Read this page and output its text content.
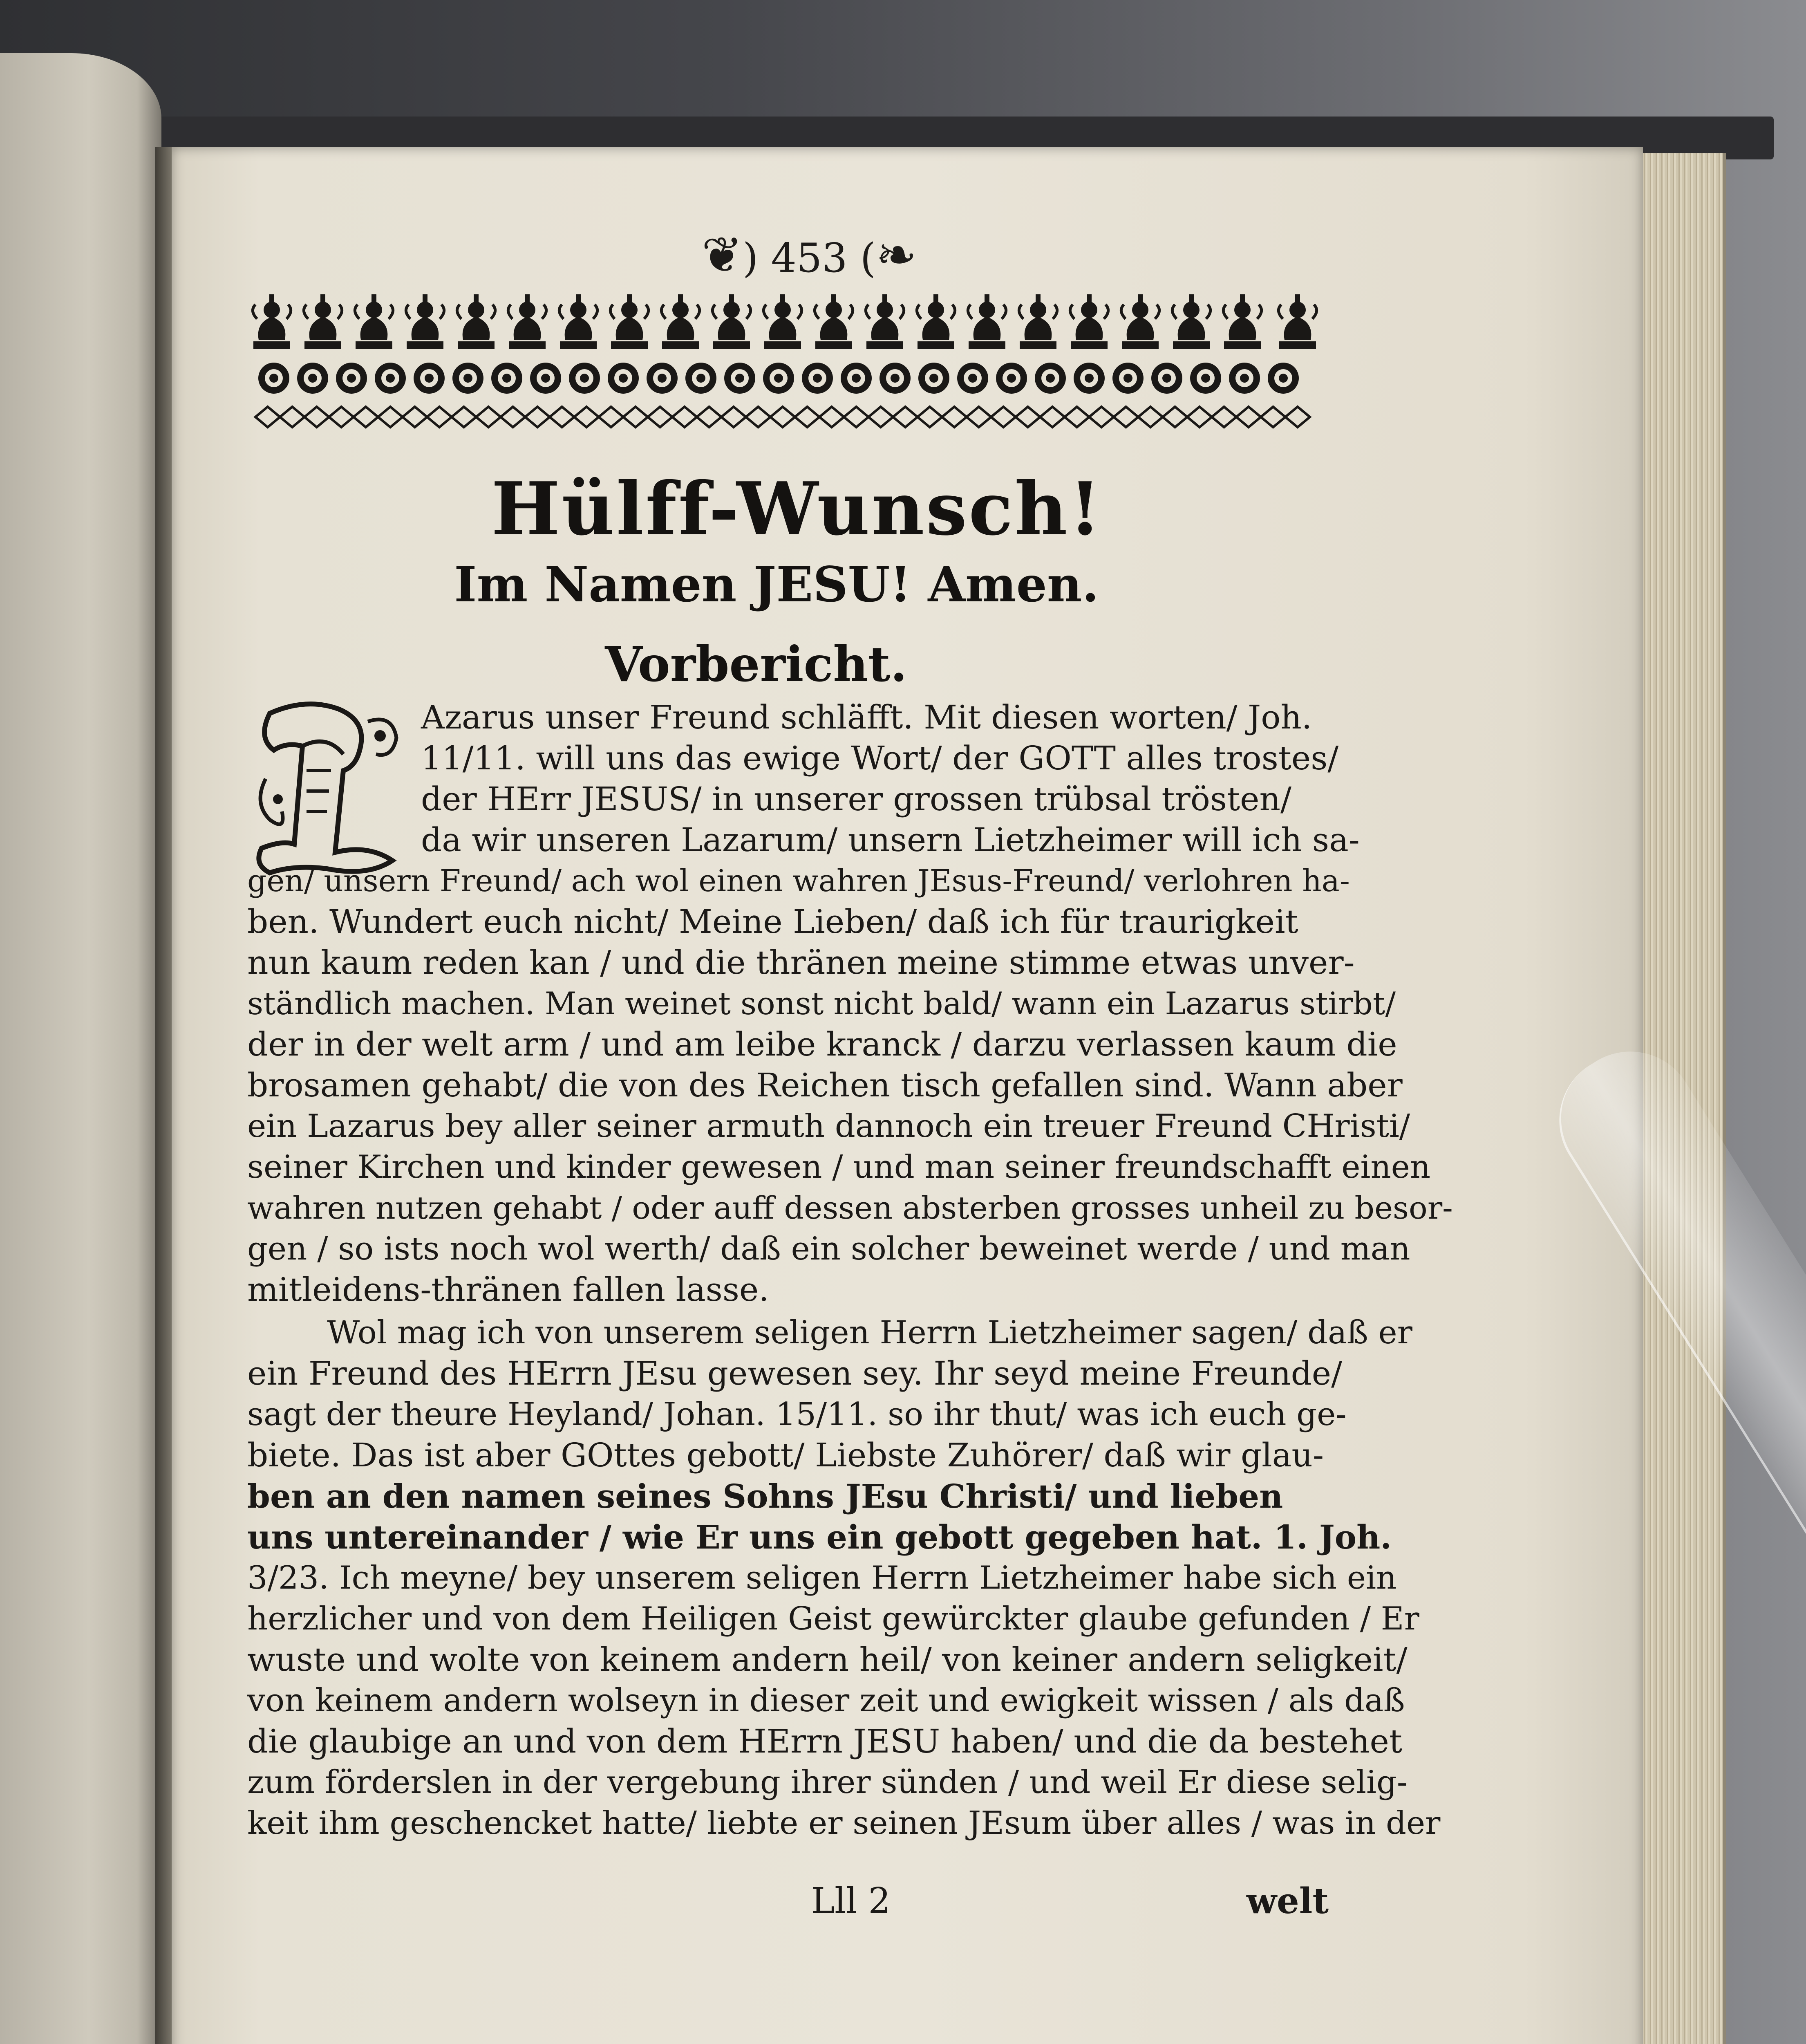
❦) 453 (❧
Hülff-Wunsch!
Im Namen JESU! Amen.
Vorbericht.
Azarus unser Freund schläfft. Mit diesen worten/ Joh.
11/11. will uns das ewige Wort/ der GOTT alles trostes/
der HErr JESUS/ in unserer grossen trübsal trösten/
da wir unseren Lazarum/ unsern Lietzheimer will ich sa-
gen/ unsern Freund/ ach wol einen wahren JEsus-Freund/ verlohren ha-
ben. Wundert euch nicht/ Meine Lieben/ daß ich für traurigkeit
nun kaum reden kan / und die thränen meine stimme etwas unver-
ständlich machen. Man weinet sonst nicht bald/ wann ein Lazarus stirbt/
der in der welt arm / und am leibe kranck / darzu verlassen kaum die
brosamen gehabt/ die von des Reichen tisch gefallen sind. Wann aber
ein Lazarus bey aller seiner armuth dannoch ein treuer Freund CHristi/
seiner Kirchen und kinder gewesen / und man seiner freundschafft einen
wahren nutzen gehabt / oder auff dessen absterben grosses unheil zu besor-
gen / so ists noch wol werth/ daß ein solcher beweinet werde / und man
mitleidens-thränen fallen lasse.
Wol mag ich von unserem seligen Herrn Lietzheimer sagen/ daß er
ein Freund des HErrn JEsu gewesen sey. Ihr seyd meine Freunde/
sagt der theure Heyland/ Johan. 15/11. so ihr thut/ was ich euch ge-
biete. Das ist aber GOttes gebott/ Liebste Zuhörer/ daß wir glau-
ben an den namen seines Sohns JEsu Christi/ und lieben
uns untereinander / wie Er uns ein gebott gegeben hat. 1. Joh.
3/23. Ich meyne/ bey unserem seligen Herrn Lietzheimer habe sich ein
herzlicher und von dem Heiligen Geist gewürckter glaube gefunden / Er
wuste und wolte von keinem andern heil/ von keiner andern seligkeit/
von keinem andern wolseyn in dieser zeit und ewigkeit wissen / als daß
die glaubige an und von dem HErrn JESU haben/ und die da bestehet
zum förderslen in der vergebung ihrer sünden / und weil Er diese selig-
keit ihm geschencket hatte/ liebte er seinen JEsum über alles / was in der
Lll 2	welt
